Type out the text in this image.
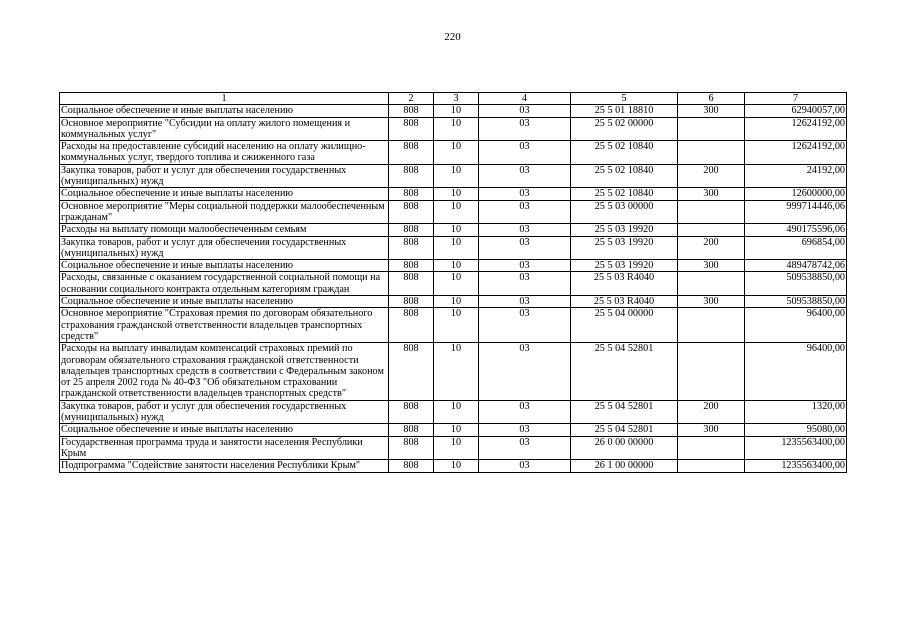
220
1	2	3	4	5	6	7
Социальное обеспечение и иные выплаты населению	808	10	03	25 5 01 18810	300	62940057,00
Основное мероприятие "Субсидии на оплату жилого помещения и коммунальных услуг"	808	10	03	25 5 02 00000		12624192,00
Расходы на предоставление субсидий населению на оплату жилищно-коммунальных услуг, твердого топлива и сжиженного газа	808	10	03	25 5 02 10840		12624192,00
Закупка товаров, работ и услуг для обеспечения государственных (муниципальных) нужд	808	10	03	25 5 02 10840	200	24192,00
Социальное обеспечение и иные выплаты населению	808	10	03	25 5 02 10840	300	12600000,00
Основное мероприятие "Меры социальной поддержки малообеспеченным гражданам"	808	10	03	25 5 03 00000		999714446,06
Расходы на выплату помощи малообеспеченным семьям	808	10	03	25 5 03 19920		490175596,06
Закупка товаров, работ и услуг для обеспечения государственных (муниципальных) нужд	808	10	03	25 5 03 19920	200	696854,00
Социальное обеспечение и иные выплаты населению	808	10	03	25 5 03 19920	300	489478742,06
Расходы, связанные с оказанием государственной социальной помощи на основании социального контракта отдельным категориям граждан	808	10	03	25 5 03 R4040		509538850,00
Социальное обеспечение и иные выплаты населению	808	10	03	25 5 03 R4040	300	509538850,00
Основное мероприятие "Страховая премия по договорам обязательного страхования гражданской ответственности владельцев транспортных средств"	808	10	03	25 5 04 00000		96400,00
Расходы на выплату инвалидам компенсаций страховых премий по договорам обязательного страхования гражданской ответственности владельцев транспортных средств в соответствии с Федеральным законом от 25 апреля 2002 года № 40-ФЗ "Об обязательном страховании гражданской ответственности владельцев транспортных средств"	808	10	03	25 5 04 52801		96400,00
Закупка товаров, работ и услуг для обеспечения государственных (муниципальных) нужд	808	10	03	25 5 04 52801	200	1320,00
Социальное обеспечение и иные выплаты населению	808	10	03	25 5 04 52801	300	95080,00
Государственная программа труда и занятости населения Республики Крым	808	10	03	26 0 00 00000		1235563400,00
Подпрограмма "Содействие занятости населения Республики Крым"	808	10	03	26 1 00 00000		1235563400,00
